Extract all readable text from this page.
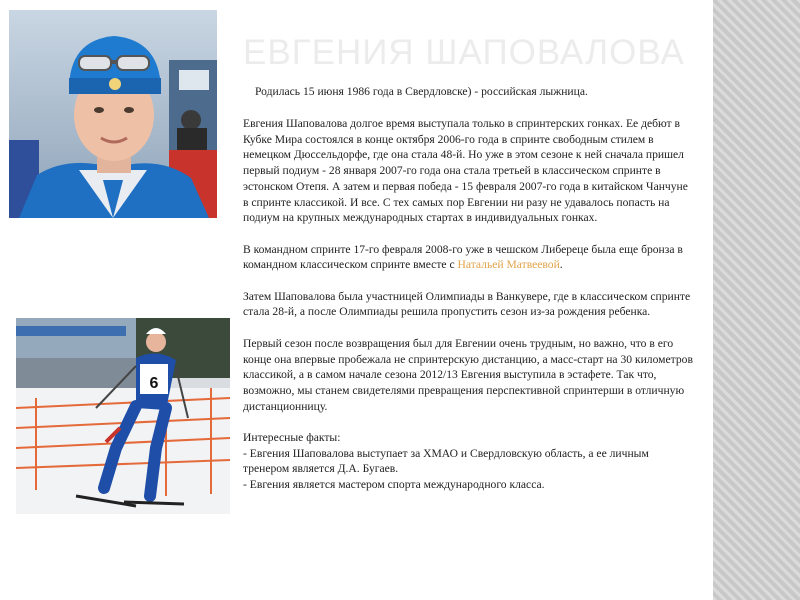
ЕВГЕНИЯ ШАПОВАЛОВА
6

Родилась 15 июня 1986 года в Свердловске) - российская лыжница.

Евгения Шаповалова долгое время выступала только в спринтерских гонках. Ее дебют в Кубке Мира состоялся в конце октября 2006-го года в спринте свободным стилем в немецком Дюссельдорфе, где она стала 48-й. Но уже в этом сезоне к ней сначала пришел первый подиум - 28 января 2007-го года она стала третьей в классическом спринте в эстонском Отепя. А затем и первая победа - 15 февраля 2007-го года в китайском Чанчуне в спринте классикой. И все. С тех самых пор Евгении ни разу не удавалось попасть на подиум на крупных международных стартах в индивидуальных гонках.

В командном спринте 17-го февраля 2008-го уже в чешском Либереце была еще бронза в командном классическом спринте вместе с Натальей Матвеевой.

Затем Шаповалова была участницей Олимпиады в Ванкувере, где в классическом спринте стала 28-й, а после Олимпиады решила пропустить сезон из-за рождения ребенка.

Первый сезон после возвращения был для Евгении очень трудным, но важно, что в его конце она впервые пробежала не спринтерскую дистанцию, а масс-старт на 30 километров классикой, а в самом начале сезона 2012/13 Евгения выступила в эстафете. Так что, возможно, мы станем свидетелями превращения перспективной спринтерши в отличную дистанционницу.

Интересные факты:
- Евгения Шаповалова выступает за ХМАО и Свердловскую область, а ее личным тренером является Д.А. Бугаев.
- Евгения является мастером спорта международного класса.
